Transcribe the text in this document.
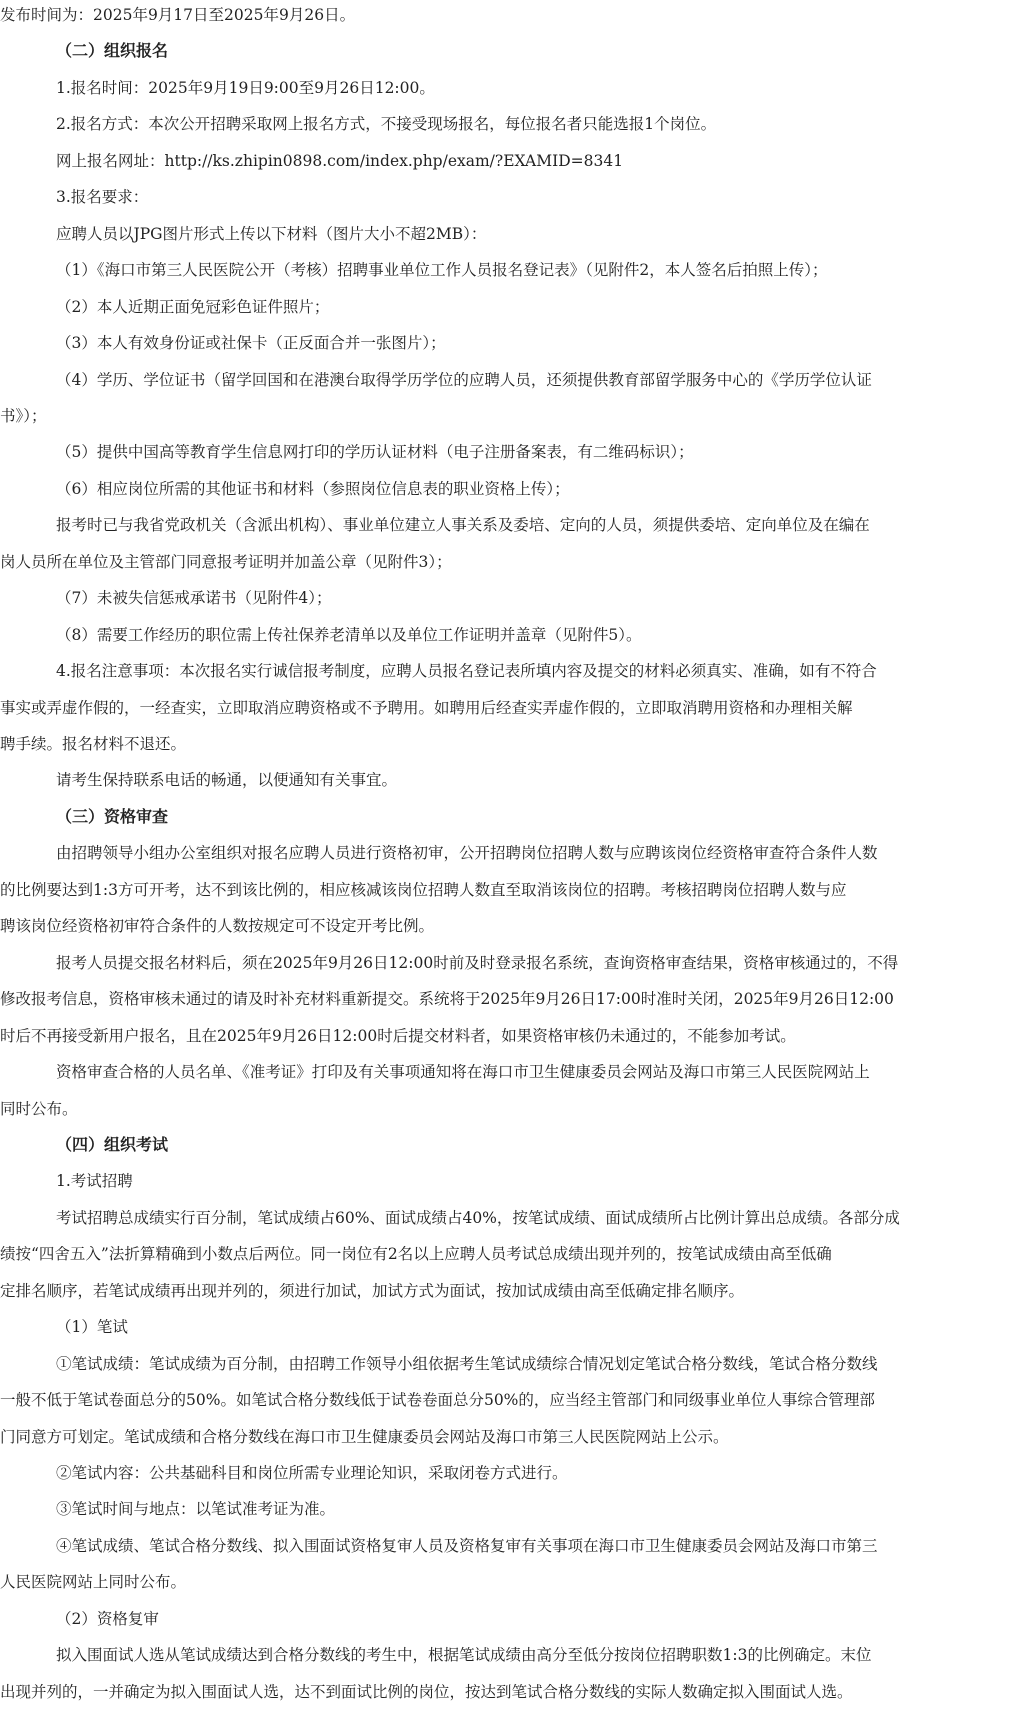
发布时间为：2025年9月17日至2025年9月26日。
（二）组织报名
1.报名时间：2025年9月19日9:00至9月26日12:00。
2.报名方式：本次公开招聘采取网上报名方式，不接受现场报名，每位报名者只能选报1个岗位。
网上报名网址：http://ks.zhipin0898.com/index.php/exam/?EXAMID=8341
3.报名要求：
应聘人员以JPG图片形式上传以下材料（图片大小不超2MB）：
（1）《海口市第三人民医院公开（考核）招聘事业单位工作人员报名登记表》（见附件2，本人签名后拍照上传）；
（2）本人近期正面免冠彩色证件照片；
（3）本人有效身份证或社保卡（正反面合并一张图片）；
（4）学历、学位证书（留学回国和在港澳台取得学历学位的应聘人员，还须提供教育部留学服务中心的《学历学位认证
书》）；
（5）提供中国高等教育学生信息网打印的学历认证材料（电子注册备案表，有二维码标识）；
（6）相应岗位所需的其他证书和材料（参照岗位信息表的职业资格上传）；
报考时已与我省党政机关（含派出机构）、事业单位建立人事关系及委培、定向的人员，须提供委培、定向单位及在编在
岗人员所在单位及主管部门同意报考证明并加盖公章（见附件3）；
（7）未被失信惩戒承诺书（见附件4）；
（8）需要工作经历的职位需上传社保养老清单以及单位工作证明并盖章（见附件5）。
4.报名注意事项：本次报名实行诚信报考制度，应聘人员报名登记表所填内容及提交的材料必须真实、准确，如有不符合
事实或弄虚作假的，一经查实，立即取消应聘资格或不予聘用。如聘用后经查实弄虚作假的，立即取消聘用资格和办理相关解
聘手续。报名材料不退还。
请考生保持联系电话的畅通，以便通知有关事宜。
（三）资格审查
由招聘领导小组办公室组织对报名应聘人员进行资格初审，公开招聘岗位招聘人数与应聘该岗位经资格审查符合条件人数
的比例要达到1:3方可开考，达不到该比例的，相应核减该岗位招聘人数直至取消该岗位的招聘。考核招聘岗位招聘人数与应
聘该岗位经资格初审符合条件的人数按规定可不设定开考比例。
报考人员提交报名材料后，须在2025年9月26日12:00时前及时登录报名系统，查询资格审查结果，资格审核通过的，不得
修改报考信息，资格审核未通过的请及时补充材料重新提交。系统将于2025年9月26日17:00时准时关闭，2025年9月26日12:00
时后不再接受新用户报名，且在2025年9月26日12:00时后提交材料者，如果资格审核仍未通过的，不能参加考试。
资格审查合格的人员名单、《准考证》打印及有关事项通知将在海口市卫生健康委员会网站及海口市第三人民医院网站上
同时公布。
（四）组织考试
1.考试招聘
考试招聘总成绩实行百分制，笔试成绩占60%、面试成绩占40%，按笔试成绩、面试成绩所占比例计算出总成绩。各部分成
绩按“四舍五入”法折算精确到小数点后两位。同一岗位有2名以上应聘人员考试总成绩出现并列的，按笔试成绩由高至低确
定排名顺序，若笔试成绩再出现并列的，须进行加试，加试方式为面试，按加试成绩由高至低确定排名顺序。
（1）笔试
①笔试成绩：笔试成绩为百分制，由招聘工作领导小组依据考生笔试成绩综合情况划定笔试合格分数线，笔试合格分数线
一般不低于笔试卷面总分的50%。如笔试合格分数线低于试卷卷面总分50%的，应当经主管部门和同级事业单位人事综合管理部
门同意方可划定。笔试成绩和合格分数线在海口市卫生健康委员会网站及海口市第三人民医院网站上公示。
②笔试内容：公共基础科目和岗位所需专业理论知识，采取闭卷方式进行。
③笔试时间与地点：以笔试准考证为准。
④笔试成绩、笔试合格分数线、拟入围面试资格复审人员及资格复审有关事项在海口市卫生健康委员会网站及海口市第三
人民医院网站上同时公布。
（2）资格复审
拟入围面试人选从笔试成绩达到合格分数线的考生中，根据笔试成绩由高分至低分按岗位招聘职数1:3的比例确定。末位
出现并列的，一并确定为拟入围面试人选，达不到面试比例的岗位，按达到笔试合格分数线的实际人数确定拟入围面试人选。
